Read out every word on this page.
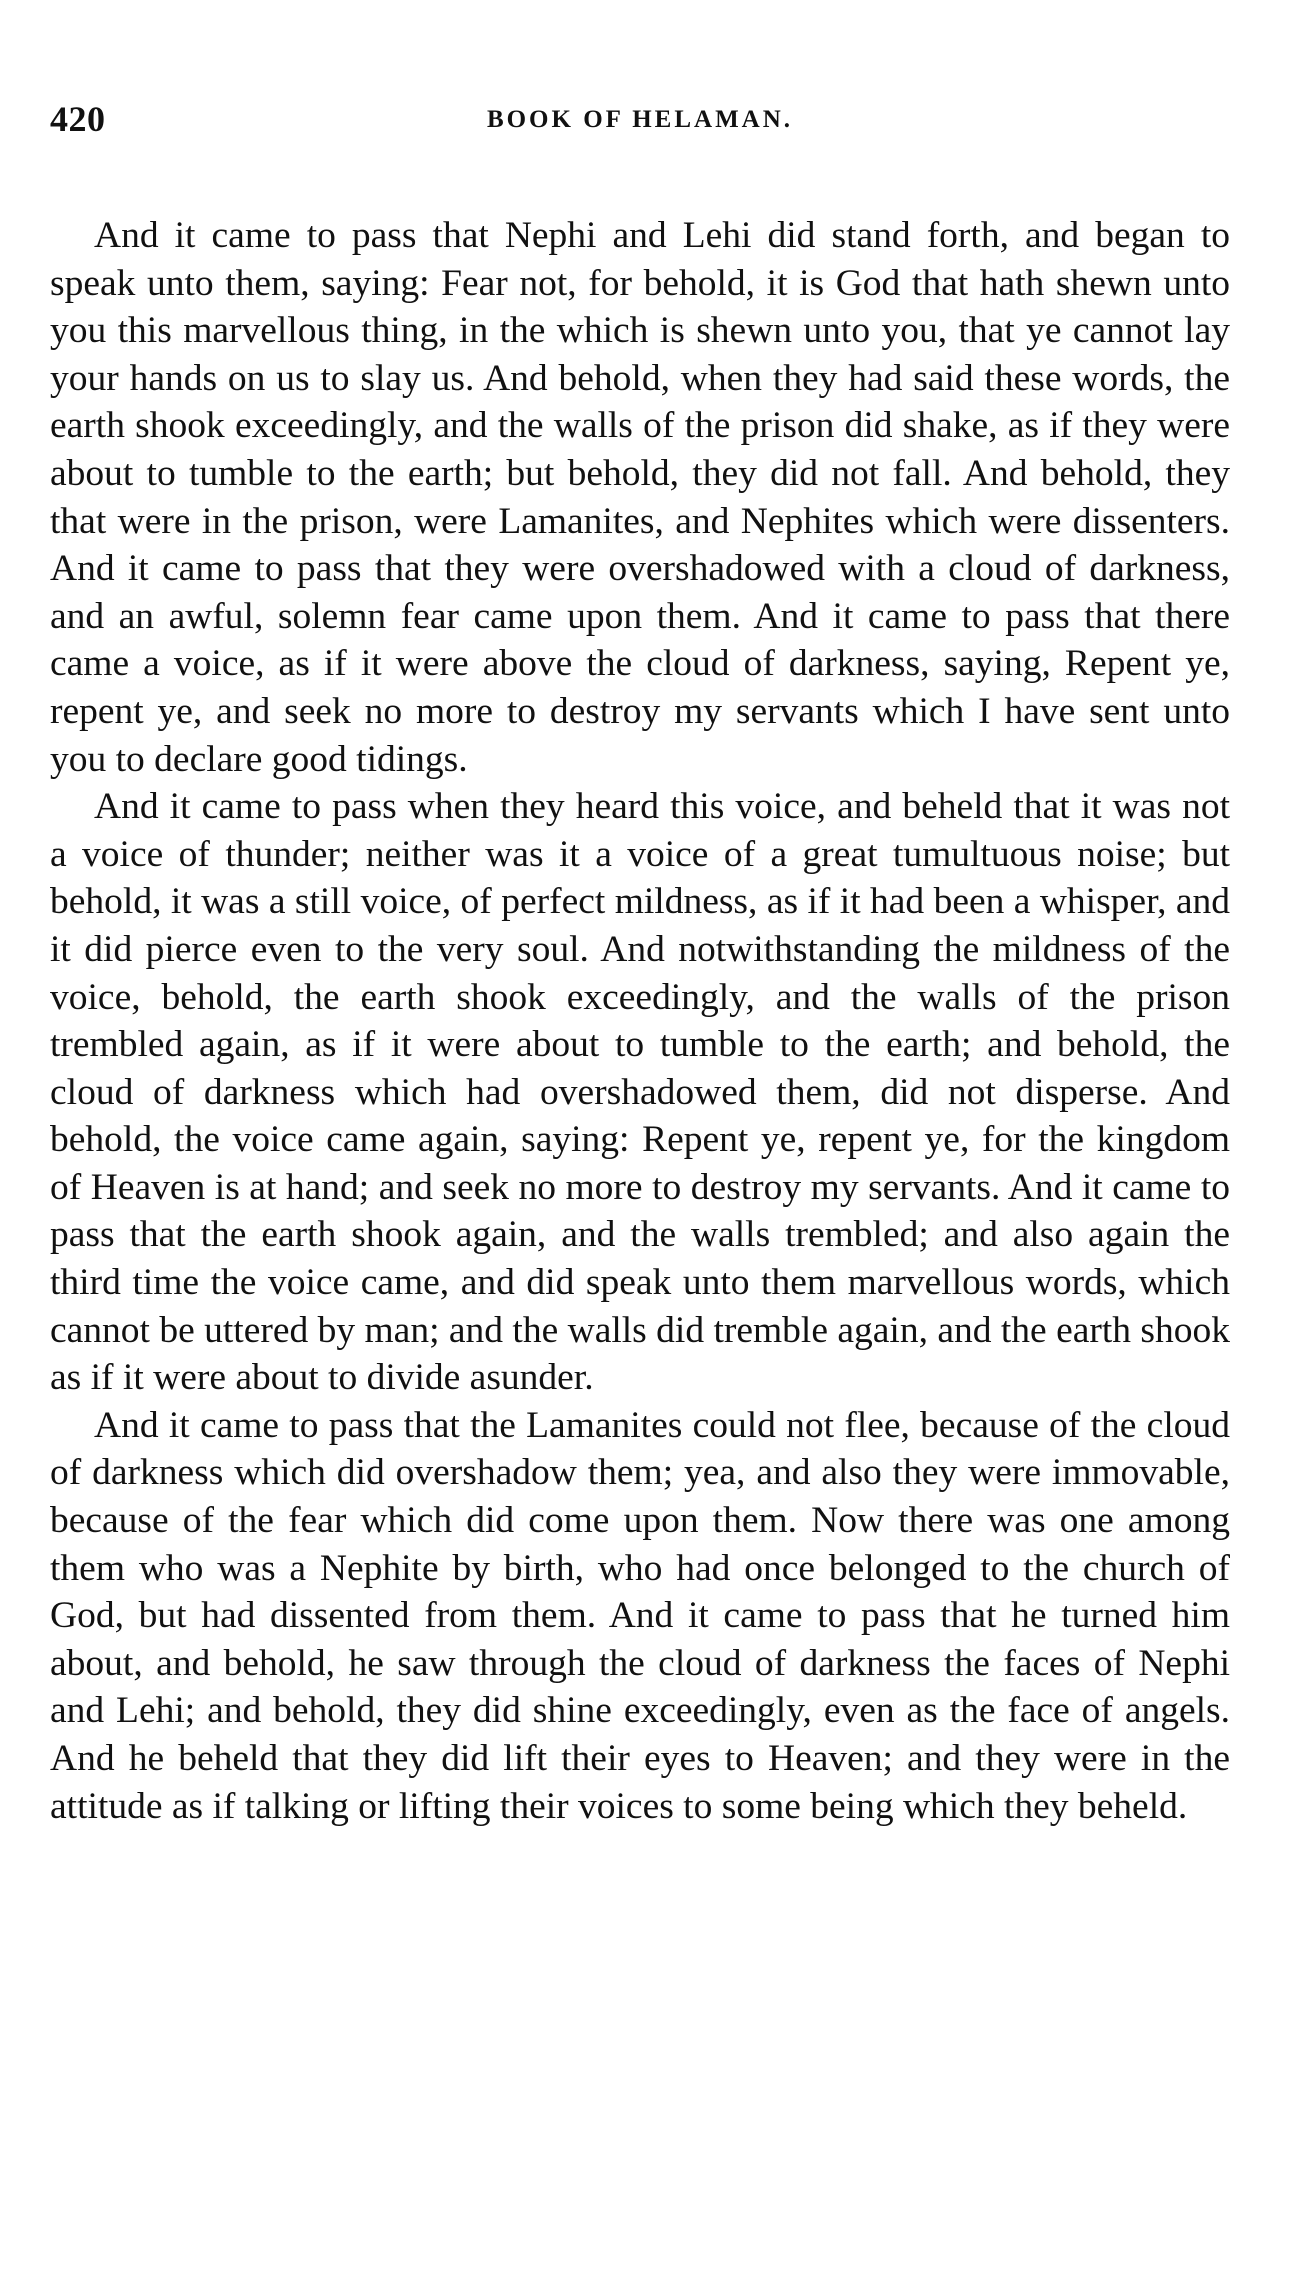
420	BOOK OF HELAMAN.

And it came to pass that Nephi and Lehi did stand forth, and began to speak unto them, saying: Fear not, for behold, it is God that hath shewn unto you this marvellous thing, in the which is shewn unto you, that ye cannot lay your hands on us to slay us. And behold, when they had said these words, the earth shook exceedingly, and the walls of the prison did shake, as if they were about to tumble to the earth; but behold, they did not fall. And behold, they that were in the prison, were Lamanites, and Nephites which were dissenters. And it came to pass that they were overshadowed with a cloud of darkness, and an awful, solemn fear came upon them. And it came to pass that there came a voice, as if it were above the cloud of darkness, saying, Repent ye, repent ye, and seek no more to destroy my servants which I have sent unto you to declare good tidings.

And it came to pass when they heard this voice, and beheld that it was not a voice of thunder; neither was it a voice of a great tumultuous noise; but behold, it was a still voice, of perfect mildness, as if it had been a whisper, and it did pierce even to the very soul. And notwithstanding the mildness of the voice, behold, the earth shook exceedingly, and the walls of the prison trembled again, as if it were about to tumble to the earth; and behold, the cloud of darkness which had overshadowed them, did not disperse. And behold, the voice came again, saying: Repent ye, repent ye, for the kingdom of Heaven is at hand; and seek no more to destroy my servants. And it came to pass that the earth shook again, and the walls trembled; and also again the third time the voice came, and did speak unto them marvellous words, which cannot be uttered by man; and the walls did tremble again, and the earth shook as if it were about to divide asunder.

And it came to pass that the Lamanites could not flee, because of the cloud of darkness which did overshadow them; yea, and also they were immovable, because of the fear which did come upon them. Now there was one among them who was a Nephite by birth, who had once belonged to the church of God, but had dissented from them. And it came to pass that he turned him about, and behold, he saw through the cloud of darkness the faces of Nephi and Lehi; and behold, they did shine exceedingly, even as the face of angels. And he beheld that they did lift their eyes to Heaven; and they were in the attitude as if talking or lifting their voices to some being which they beheld.
